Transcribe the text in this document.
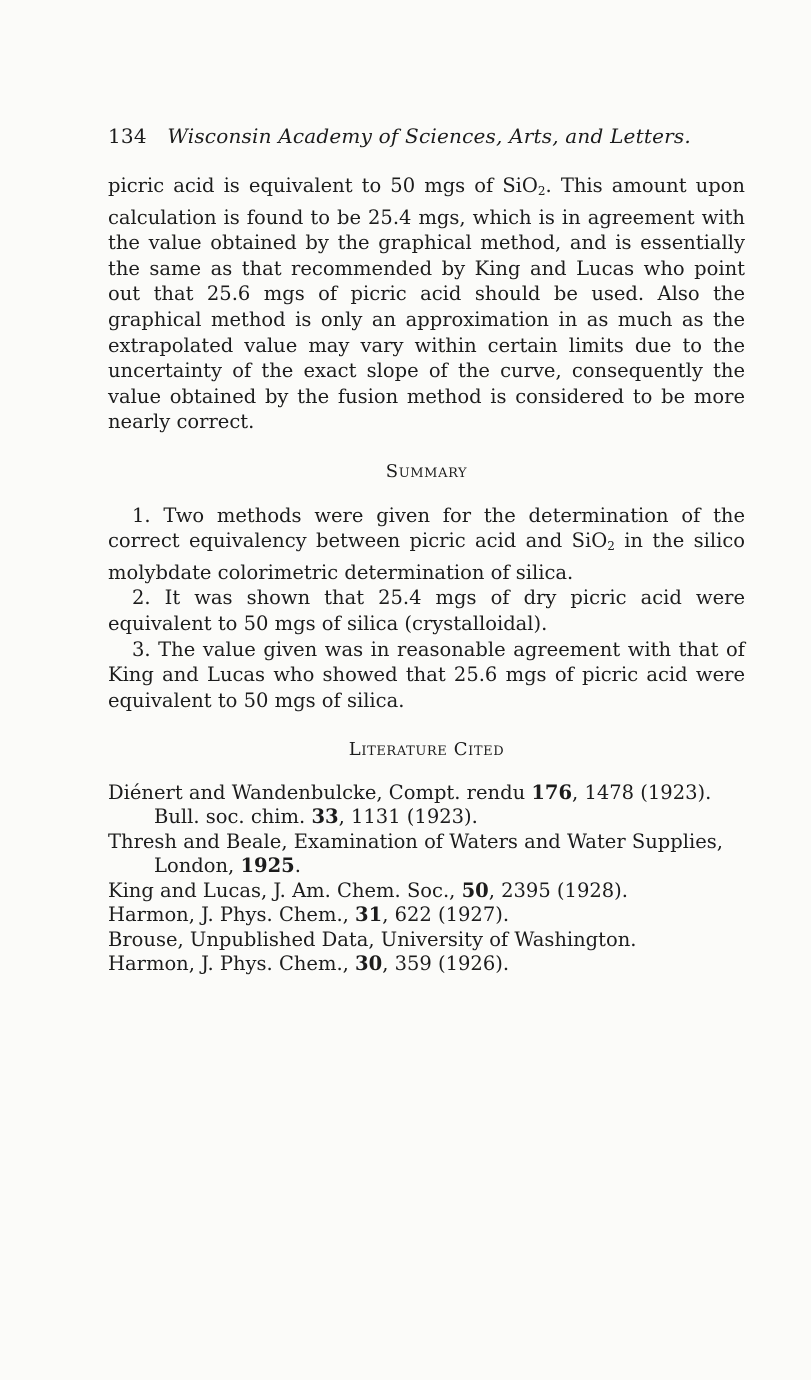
134 Wisconsin Academy of Sciences, Arts, and Letters.

picric acid is equivalent to 50 mgs of SiO$_2$. This amount upon calculation is found to be 25.4 mgs, which is in agreement with the value obtained by the graphical method, and is essentially the same as that recommended by King and Lucas who point out that 25.6 mgs of picric acid should be used. Also the graphical method is only an approximation in as much as the extrapolated value may vary within certain limits due to the uncertainty of the exact slope of the curve, consequently the value obtained by the fusion method is considered to be more nearly correct.

Summary

1. Two methods were given for the determination of the correct equivalency between picric acid and SiO$_2$ in the silico molybdate colorimetric determination of silica.

2. It was shown that 25.4 mgs of dry picric acid were equivalent to 50 mgs of silica (crystalloidal).

3. The value given was in reasonable agreement with that of King and Lucas who showed that 25.6 mgs of picric acid were equivalent to 50 mgs of silica.

Literature Cited

Diénert and Wandenbulcke, Compt. rendu 176, 1478 (1923). Bull. soc. chim. 33, 1131 (1923).

Thresh and Beale, Examination of Waters and Water Supplies, London, 1925.

King and Lucas, J. Am. Chem. Soc., 50, 2395 (1928).

Harmon, J. Phys. Chem., 31, 622 (1927).

Brouse, Unpublished Data, University of Washington.

Harmon, J. Phys. Chem., 30, 359 (1926).
